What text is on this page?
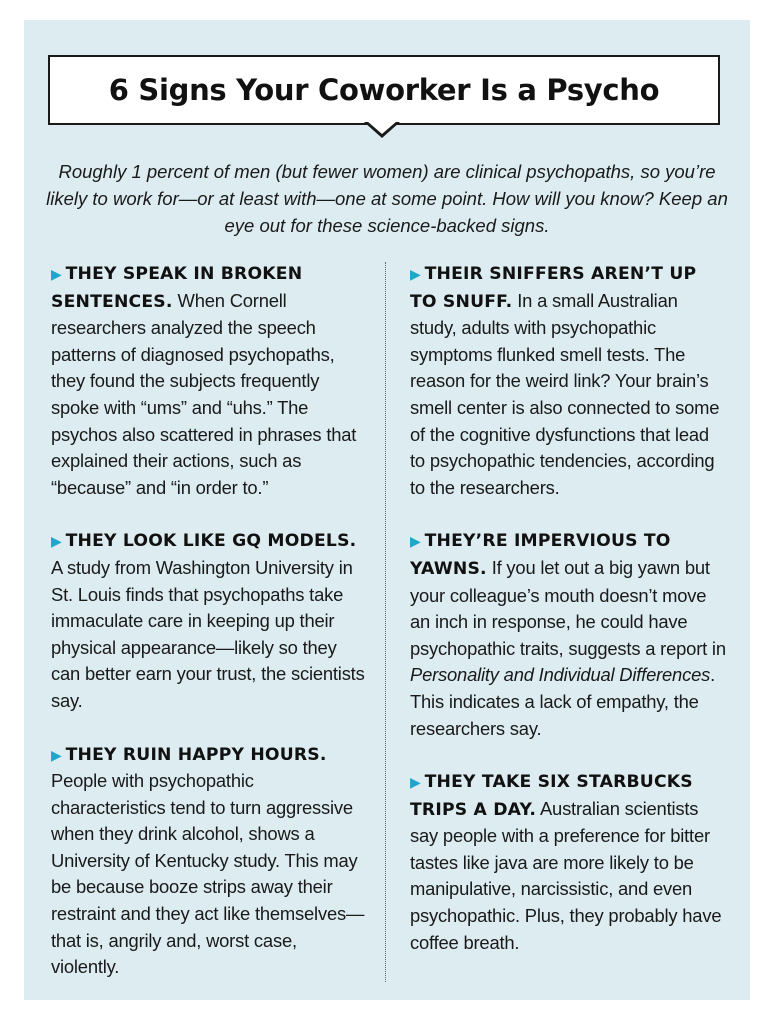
6 Signs Your Coworker Is a Psycho
Roughly 1 percent of men (but fewer women) are clinical psychopaths, so you’re likely to work for—or at least with—one at some point. How will you know? Keep an eye out for these science-backed signs.
▶ THEY SPEAK IN BROKEN SENTENCES. When Cornell researchers analyzed the speech patterns of diagnosed psychopaths, they found the subjects frequently spoke with “ums” and “uhs.” The psychos also scattered in phrases that explained their actions, such as “because” and “in order to.”
▶ THEY LOOK LIKE GQ MODELS. A study from Washington University in St. Louis finds that psychopaths take immaculate care in keeping up their physical appearance—likely so they can better earn your trust, the scientists say.
▶ THEY RUIN HAPPY HOURS. People with psychopathic characteristics tend to turn aggressive when they drink alcohol, shows a University of Kentucky study. This may be because booze strips away their restraint and they act like themselves—that is, angrily and, worst case, violently.
▶ THEIR SNIFFERS AREN’T UP TO SNUFF. In a small Australian study, adults with psychopathic symptoms flunked smell tests. The reason for the weird link? Your brain’s smell center is also connected to some of the cognitive dysfunctions that lead to psychopathic tendencies, according to the researchers.
▶ THEY’RE IMPERVIOUS TO YAWNS. If you let out a big yawn but your colleague’s mouth doesn’t move an inch in response, he could have psychopathic traits, suggests a report in Personality and Individual Differences. This indicates a lack of empathy, the researchers say.
▶ THEY TAKE SIX STARBUCKS TRIPS A DAY. Australian scientists say people with a preference for bitter tastes like java are more likely to be manipulative, narcissistic, and even psychopathic. Plus, they probably have coffee breath.
